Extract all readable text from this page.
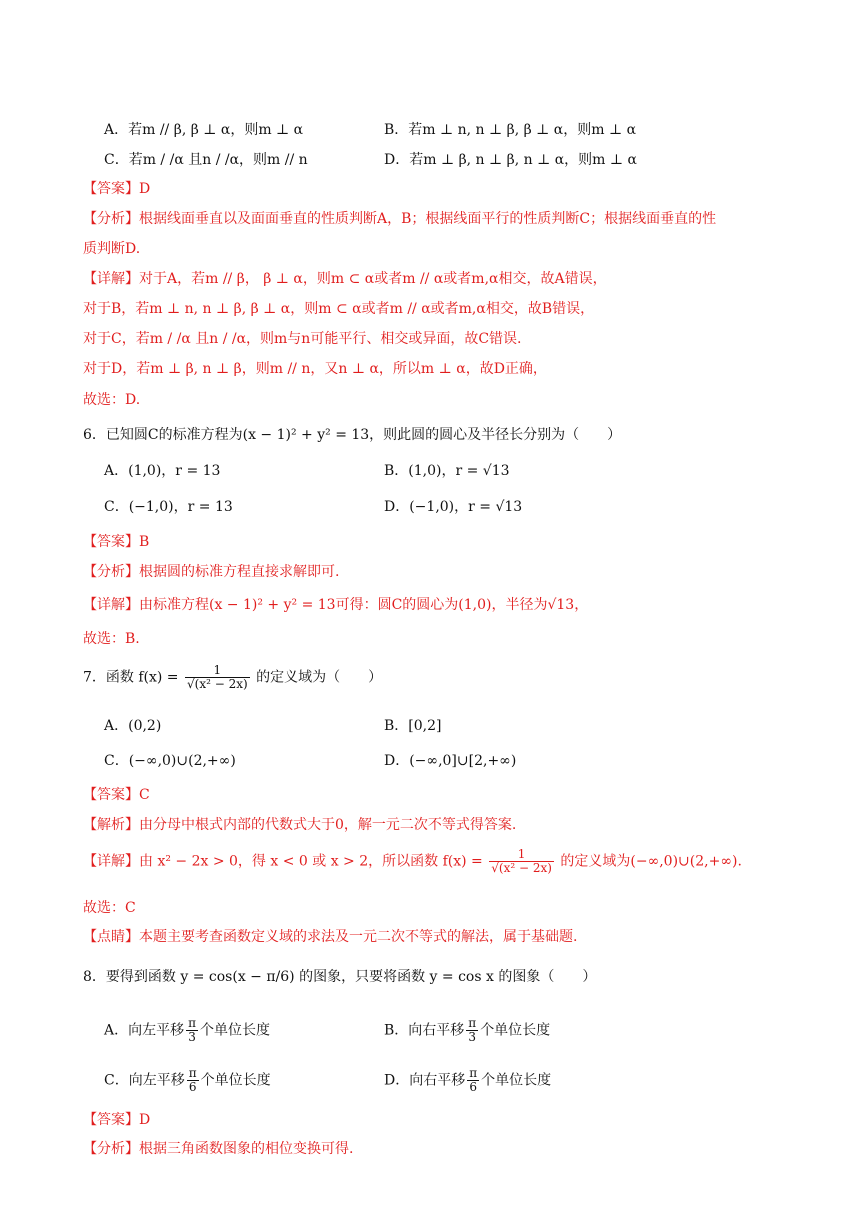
A．若m // β, β ⊥ α，则m ⊥ α	B．若m ⊥ n, n ⊥ β, β ⊥ α，则m ⊥ α
C．若m / /α 且n / /α，则m // n	D．若m ⊥ β, n ⊥ β, n ⊥ α，则m ⊥ α
【答案】D
【分析】根据线面垂直以及面面垂直的性质判断A，B；根据线面平行的性质判断C；根据线面垂直的性
质判断D.
【详解】对于A，若m // β， β ⊥ α，则m ⊂ α或者m // α或者m,α相交，故A错误，
对于B，若m ⊥ n, n ⊥ β, β ⊥ α，则m ⊂ α或者m // α或者m,α相交，故B错误，
对于C，若m / /α 且n / /α，则m与n可能平行、相交或异面，故C错误.
对于D，若m ⊥ β, n ⊥ β，则m // n，又n ⊥ α，所以m ⊥ α，故D正确，
故选：D.
6．已知圆C的标准方程为(x − 1)² + y² = 13，则此圆的圆心及半径长分别为（　　）
A．(1,0)，r = 13	B．(1,0)，r = √13
C．(−1,0)，r = 13	D．(−1,0)，r = √13
【答案】B
【分析】根据圆的标准方程直接求解即可.
【详解】由标准方程(x − 1)² + y² = 13可得：圆C的圆心为(1,0)，半径为√13，
故选：B.
7．函数 $f(x) = \frac{1}{\text{√(x² − 2x)}}$ 的定义域为（　　）
A．(0,2)	B．[0,2]
C．(−∞,0)∪(2,+∞)	D．(−∞,0]∪[2,+∞)
【答案】C
【解析】由分母中根式内部的代数式大于0，解一元二次不等式得答案.
【详解】由 x² − 2x > 0，得 x < 0 或 x > 2，所以函数 $f(x) = \frac{1}{\text{√(x² − 2x)}}$ 的定义域为(−∞,0)∪(2,+∞).
故选：C
【点睛】本题主要考查函数定义域的求法及一元二次不等式的解法，属于基础题.
8．要得到函数 y = cos(x − π/6) 的图象，只要将函数 y = cos x 的图象（　　）
A．向左平移 $\frac{\pi}{3}$ 个单位长度	B．向右平移 $\frac{\pi}{3}$ 个单位长度
C．向左平移 $\frac{\pi}{6}$ 个单位长度	D．向右平移 $\frac{\pi}{6}$ 个单位长度
【答案】D
【分析】根据三角函数图象的相位变换可得.
